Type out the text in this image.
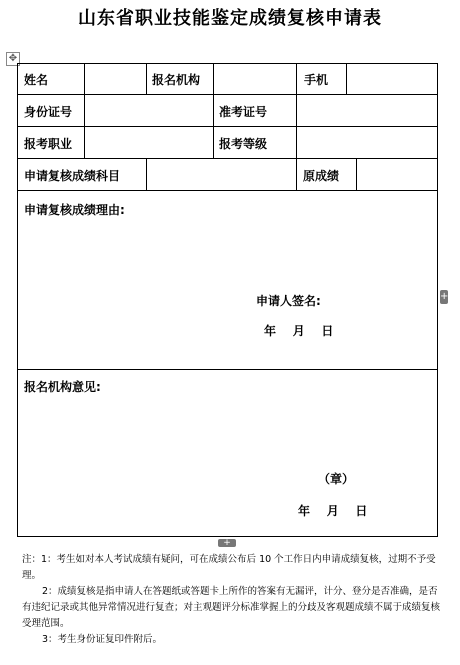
山东省职业技能鉴定成绩复核申请表
✥
姓名	报名机构	手机
身份证号	准考证号
报考职业	报考等级
申请复核成绩科目	原成绩
申请复核成绩理由:
申请人签名:
年    月    日
报名机构意见:
（章）
年    月    日
+
+

注：1：考生如对本人考试成绩有疑问，可在成绩公布后 10 个工作日内申请成绩复核，过期不予受理。

2：成绩复核是指申请人在答题纸或答题卡上所作的答案有无漏评，计分、登分是否准确，是否有违纪记录或其他异常情况进行复查；对主观题评分标准掌握上的分歧及客观题成绩不属于成绩复核受理范围。

3：考生身份证复印件附后。
